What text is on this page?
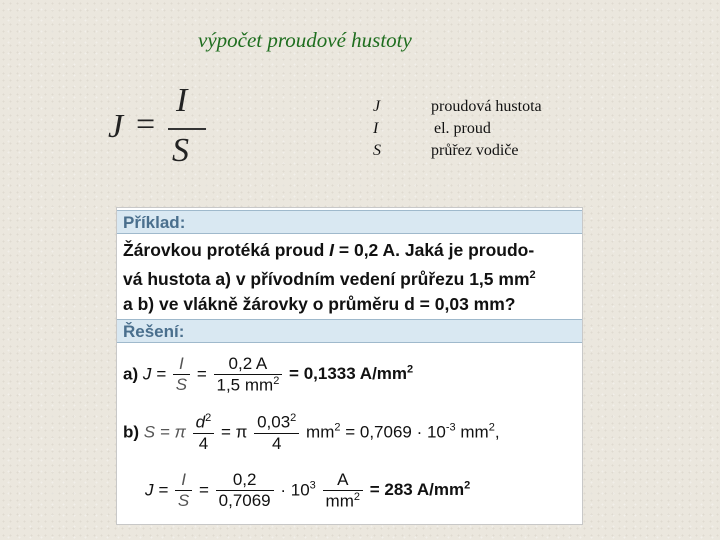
výpočet proudové hustoty
J =
I
S
J	proudová hustota
I	el. proud
S	průřez vodiče
Příklad:
Žárovkou protéká proud I = 0,2 A. Jaká je proudo-
vá hustota a) v přívodním vedení průřezu 1,5 $mm^2$
a b) ve vlákně žárovky o průměru d = 0,03 mm?
Řešení:
a) $J = \frac{I}{S} = \frac{0,2 A}{1,5 mm^2} = 0,1333$ $A/mm^2$
b) S = π $\frac{d^2}{4} = \pi \frac{0,03^2}{4} mm^2 = 0,7069 \cdot 10^{-3}$ $mm^2$,
$J = \frac{I}{S} = \frac{0,2}{0,7069} \cdot 10^3 \frac{A}{mm^2} = 283$ $A/mm^2$
